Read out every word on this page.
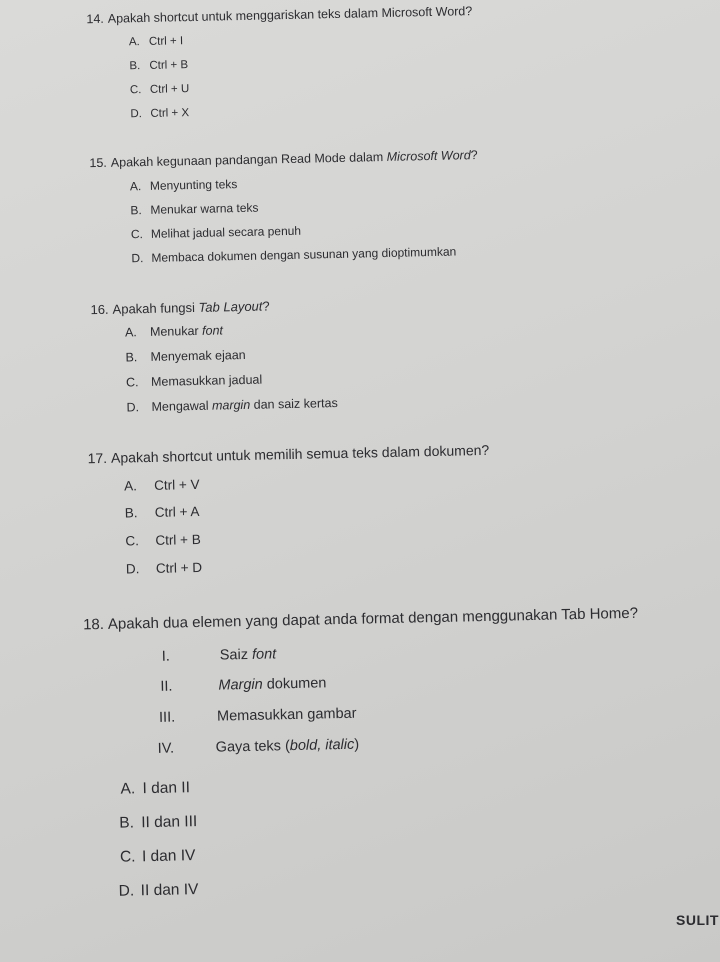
14. Apakah shortcut untuk menggariskan teks dalam Microsoft Word?
A. Ctrl + I
B. Ctrl + B
C. Ctrl + U
D. Ctrl + X
15. Apakah kegunaan pandangan Read Mode dalam Microsoft Word?
A. Menyunting teks
B. Menukar warna teks
C. Melihat jadual secara penuh
D. Membaca dokumen dengan susunan yang dioptimumkan
16. Apakah fungsi Tab Layout?
A. Menukar font
B. Menyemak ejaan
C. Memasukkan jadual
D. Mengawal margin dan saiz kertas
17. Apakah shortcut untuk memilih semua teks dalam dokumen?
A. Ctrl + V
B. Ctrl + A
C. Ctrl + B
D. Ctrl + D
18. Apakah dua elemen yang dapat anda format dengan menggunakan Tab Home?
I.	Saiz font
II.	Margin dokumen
III.	Memasukkan gambar
IV.	Gaya teks (bold, italic)
A. I dan II
B. II dan III
C. I dan IV
D. II dan IV
SULIT
